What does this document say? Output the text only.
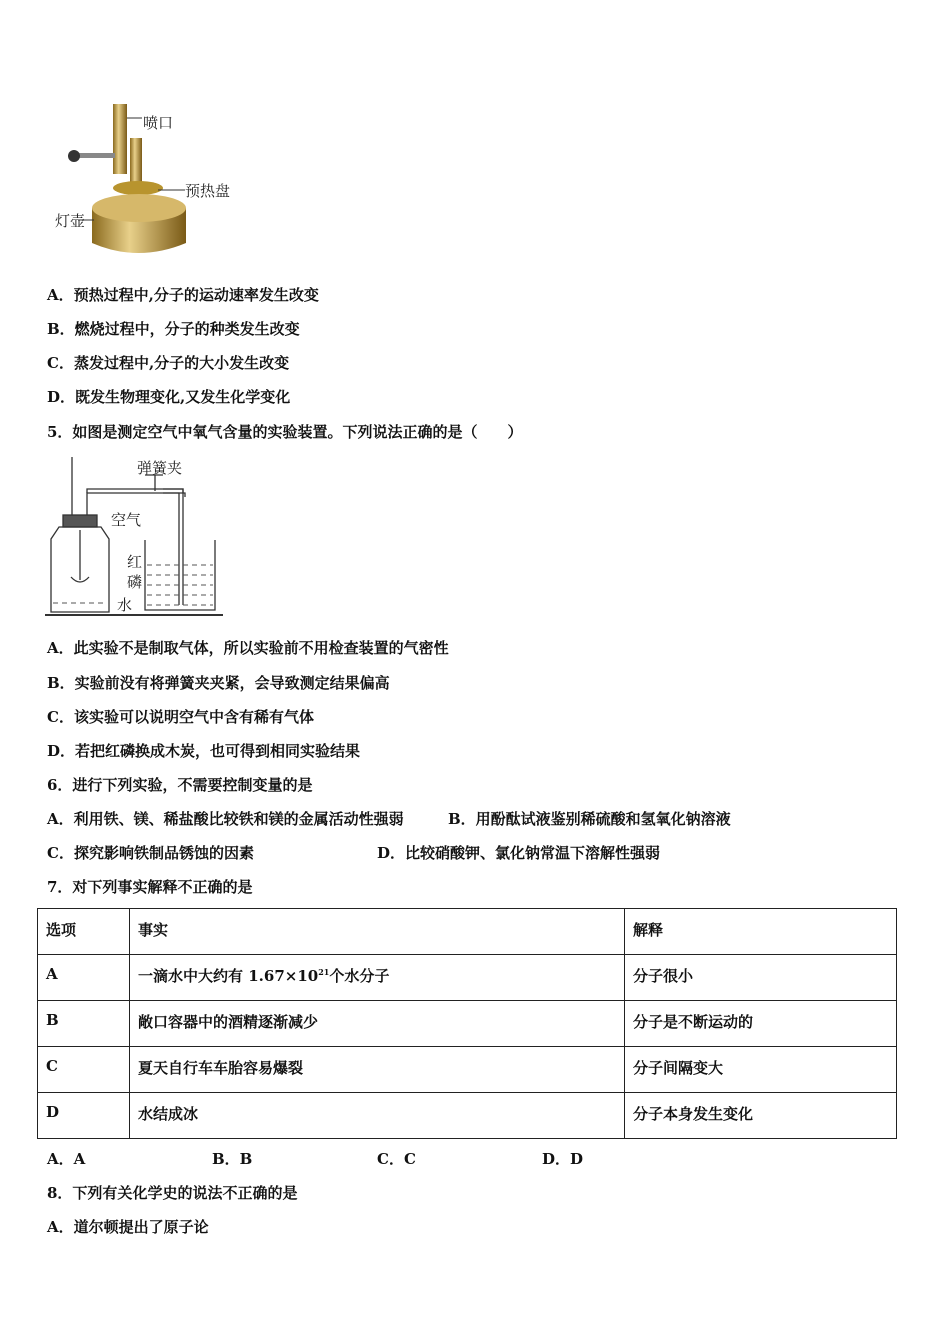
喷口
预热盘
灯壶
A．预热过程中,分子的运动速率发生改变
B．燃烧过程中，分子的种类发生改变
C．蒸发过程中,分子的大小发生改变
D．既发生物理变化,又发生化学变化
5．如图是测定空气中氧气含量的实验装置。下列说法正确的是（　　）
弹簧夹
空气
红
磷
水
A．此实验不是制取气体，所以实验前不用检查装置的气密性
B．实验前没有将弹簧夹夹紧，会导致测定结果偏高
C．该实验可以说明空气中含有稀有气体
D．若把红磷换成木炭，也可得到相同实验结果
6．进行下列实验，不需要控制变量的是
A．利用铁、镁、稀盐酸比较铁和镁的金属活动性强弱	B．用酚酞试液鉴别稀硫酸和氢氧化钠溶液
C．探究影响铁制品锈蚀的因素	D．比较硝酸钾、氯化钠常温下溶解性强弱
7．对下列事实解释不正确的是
选项	事实	解释
A	一滴水中大约有 $1.67\times 10^{21}$个水分子	分子很小
B	敞口容器中的酒精逐渐减少	分子是不断运动的
C	夏天自行车车胎容易爆裂	分子间隔变大
D	水结成冰	分子本身发生变化
A．A	B．B	C．C	D．D
8．下列有关化学史的说法不正确的是
A．道尔顿提出了原子论
